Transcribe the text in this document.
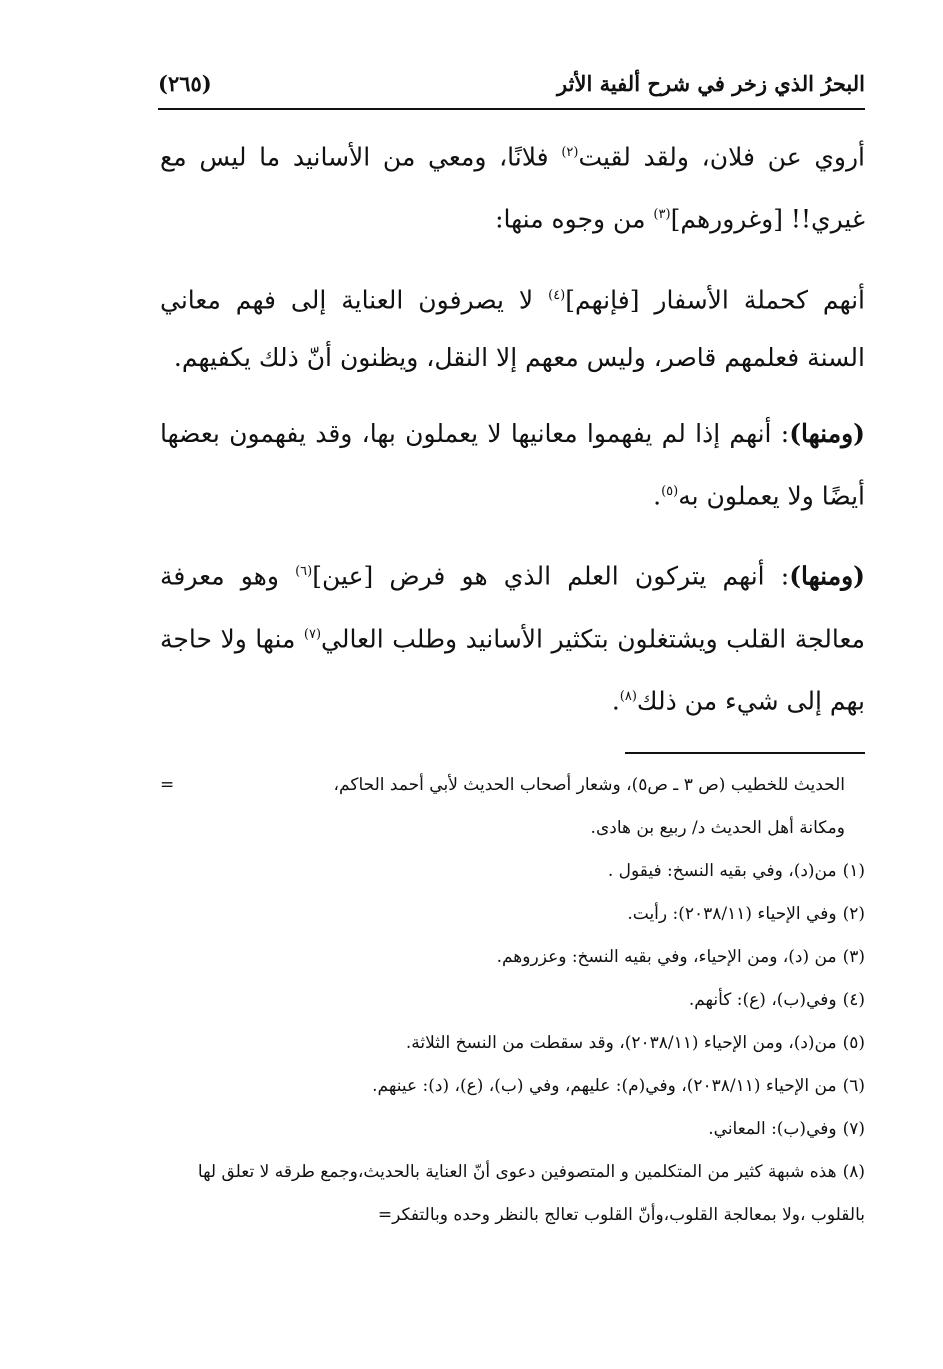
البحرُ الذي زخر في شرح ألفية الأثر
(٢٦٥)

أروي عن فلان، ولقد لقيت$^{(٢)}$ فلانًا، ومعي من الأسانيد ما ليس مع غيري!! [وغرورهم]$^{(٣)}$ من وجوه منها:

أنهم كحملة الأسفار [فإنهم]$^{(٤)}$ لا يصرفون العناية إلى فهم معاني السنة فعلمهم قاصر، وليس معهم إلا النقل، ويظنون أنّ ذلك يكفيهم.

(ومنها): أنهم إذا لم يفهموا معانيها لا يعملون بها، وقد يفهمون بعضها أيضًا ولا يعملون به$^{(٥)}$.

(ومنها): أنهم يتركون العلم الذي هو فرض [عين]$^{(٦)}$ وهو معرفة معالجة القلب ويشتغلون بتكثير الأسانيد وطلب العالي$^{(٧)}$ منها ولا حاجة بهم إلى شيء من ذلك$^{(٨)}$.

=	الحديث للخطيب (ص ٣ ـ ص٥)، وشعار أصحاب الحديث لأبي أحمد الحاكم،
ومكانة أهل الحديث د/ ربيع بن هادى.
(١)من(د)، وفي بقيه النسخ: فيقول .
(٢)وفي الإحياء (٢٠٣٨/١١): رأيت.
(٣)من (د)، ومن الإحياء، وفي بقيه النسخ: وعزروهم.
(٤)وفي(ب)، (ع): كأنهم.
(٥)من(د)، ومن الإحياء (٢٠٣٨/١١)، وقد سقطت من النسخ الثلاثة.
(٦)من الإحياء (٢٠٣٨/١١)، وفي(م): عليهم، وفي (ب)، (ع)، (د): عينهم.
(٧)وفي(ب): المعاني.
(٨)هذه شبهة كثير من المتكلمين و المتصوفين دعوى أنّ العناية بالحديث،وجمع طرقه لا تعلق لها بالقلوب ،ولا بمعالجة القلوب،وأنّ القلوب تعالج بالنظر وحده وبالتفكر=
